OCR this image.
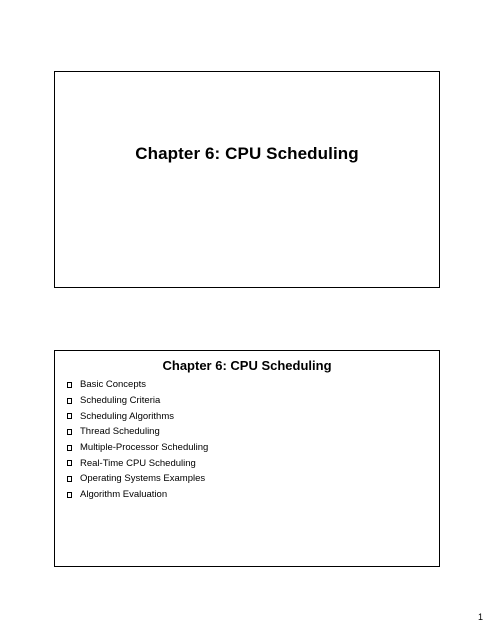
Chapter 6: CPU Scheduling
Chapter 6: CPU Scheduling
Basic Concepts
Scheduling Criteria
Scheduling Algorithms
Thread Scheduling
Multiple-Processor Scheduling
Real-Time CPU Scheduling
Operating Systems Examples
Algorithm Evaluation
1
